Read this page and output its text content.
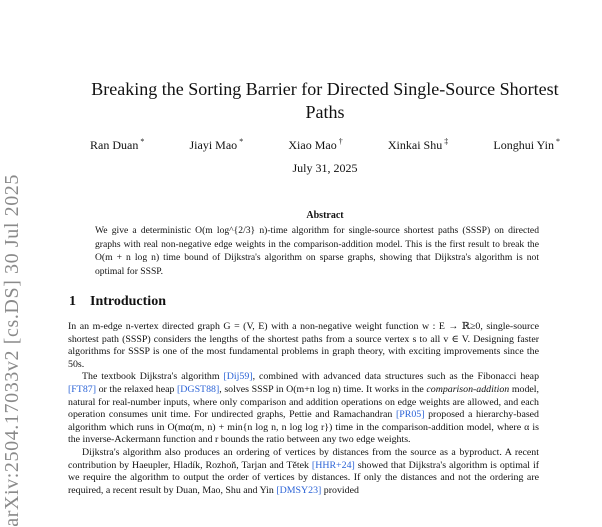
arXiv:2504.17033v2 [cs.DS] 30 Jul 2025
Breaking the Sorting Barrier for Directed Single-Source Shortest Paths
Ran Duan *	Jiayi Mao *	Xiao Mao †	Xinkai Shu ‡	Longhui Yin *
July 31, 2025
Abstract
We give a deterministic O(m log^{2/3} n)-time algorithm for single-source shortest paths (SSSP) on directed graphs with real non-negative edge weights in the comparison-addition model. This is the first result to break the O(m + n log n) time bound of Dijkstra's algorithm on sparse graphs, showing that Dijkstra's algorithm is not optimal for SSSP.
1 Introduction

In an m-edge n-vertex directed graph G = (V, E) with a non-negative weight function w : E → ℝ≥0, single-source shortest path (SSSP) considers the lengths of the shortest paths from a source vertex s to all v ∈ V. Designing faster algorithms for SSSP is one of the most fundamental problems in graph theory, with exciting improvements since the 50s.

The textbook Dijkstra's algorithm [Dij59], combined with advanced data structures such as the Fibonacci heap [FT87] or the relaxed heap [DGST88], solves SSSP in O(m+n log n) time. It works in the comparison-addition model, natural for real-number inputs, where only comparison and addition operations on edge weights are allowed, and each operation consumes unit time. For undirected graphs, Pettie and Ramachandran [PR05] proposed a hierarchy-based algorithm which runs in O(mα(m, n) + min{n log n, n log log r}) time in the comparison-addition model, where α is the inverse-Ackermann function and r bounds the ratio between any two edge weights.

Dijkstra's algorithm also produces an ordering of vertices by distances from the source as a byproduct. A recent contribution by Haeupler, Hladík, Rozhoň, Tarjan and Tětek [HHR+24] showed that Dijkstra's algorithm is optimal if we require the algorithm to output the order of vertices by distances. If only the distances and not the ordering are required, a recent result by Duan, Mao, Shu and Yin [DMSY23] provided
